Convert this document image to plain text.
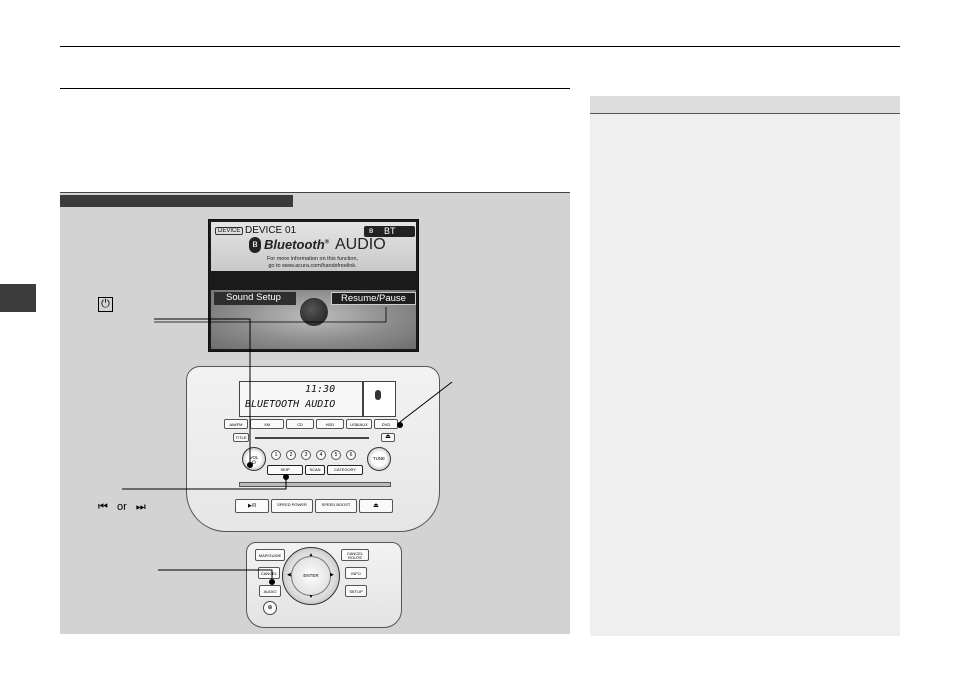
DEVICE DEVICE 01	ʙ BT
ʙ Bluetooth® AUDIO
For more information on this function,
go to www.acura.com/handsfreelink.
Sound Setup	Resume/Pause
11:30
BLUETOOTH AUDIO
AM/FM	XM	CD	HDD	USB/AUX	DVD
TITLE	⏏
VOL
⏻
TUNE
1	2	3	4	5	6
SKIP	SCAN	CATEGORY
▶/II	SPEED POWER	SPEED BOOST	⏏
MAP/GUIDE	CANCEL ROUTE
CANCEL	INFO
AUDIO	SETUP
⊕
▲
▼
◀	▶
ENTER
⏻
⏮ or ⏭
